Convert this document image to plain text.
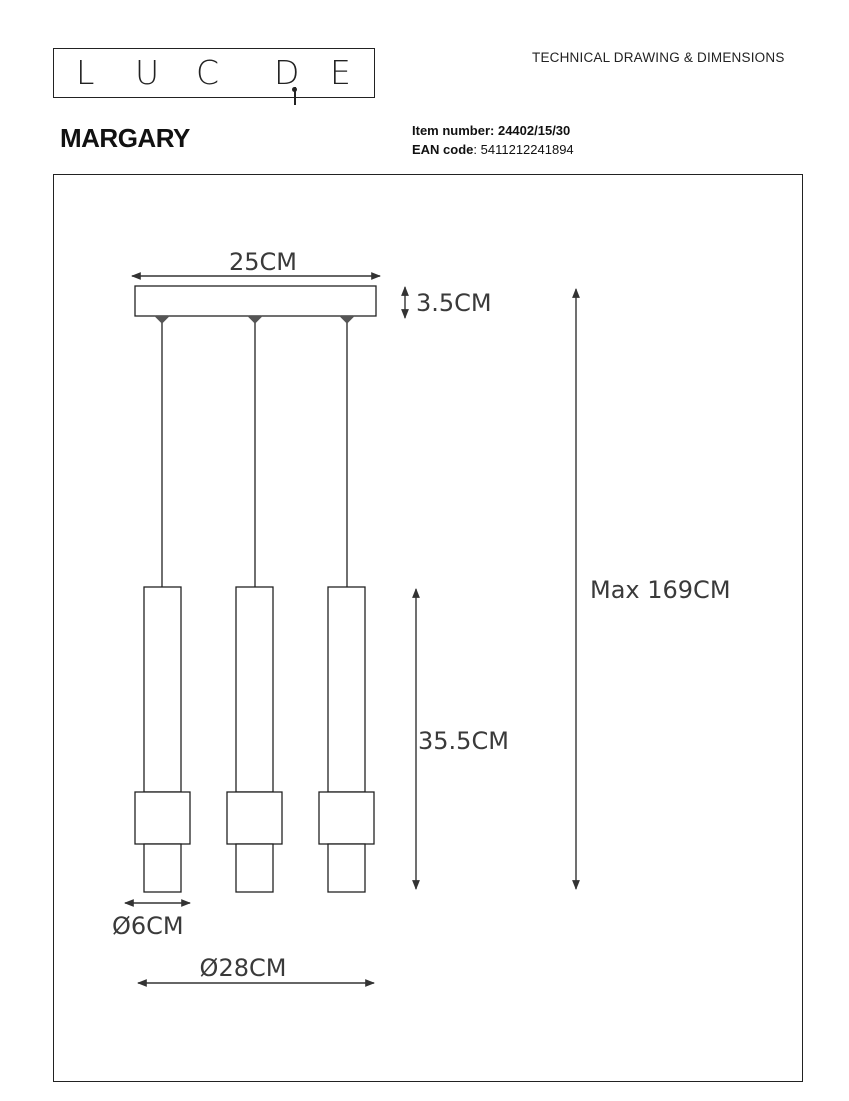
L U C D E	TECHNICAL DRAWING & DIMENSIONS
MARGARY	Item number: 24402/15/30
EAN code: 5411212241894
25CM
3.5CM
Max 169CM
35.5CM
Ø6CM
Ø28CM
